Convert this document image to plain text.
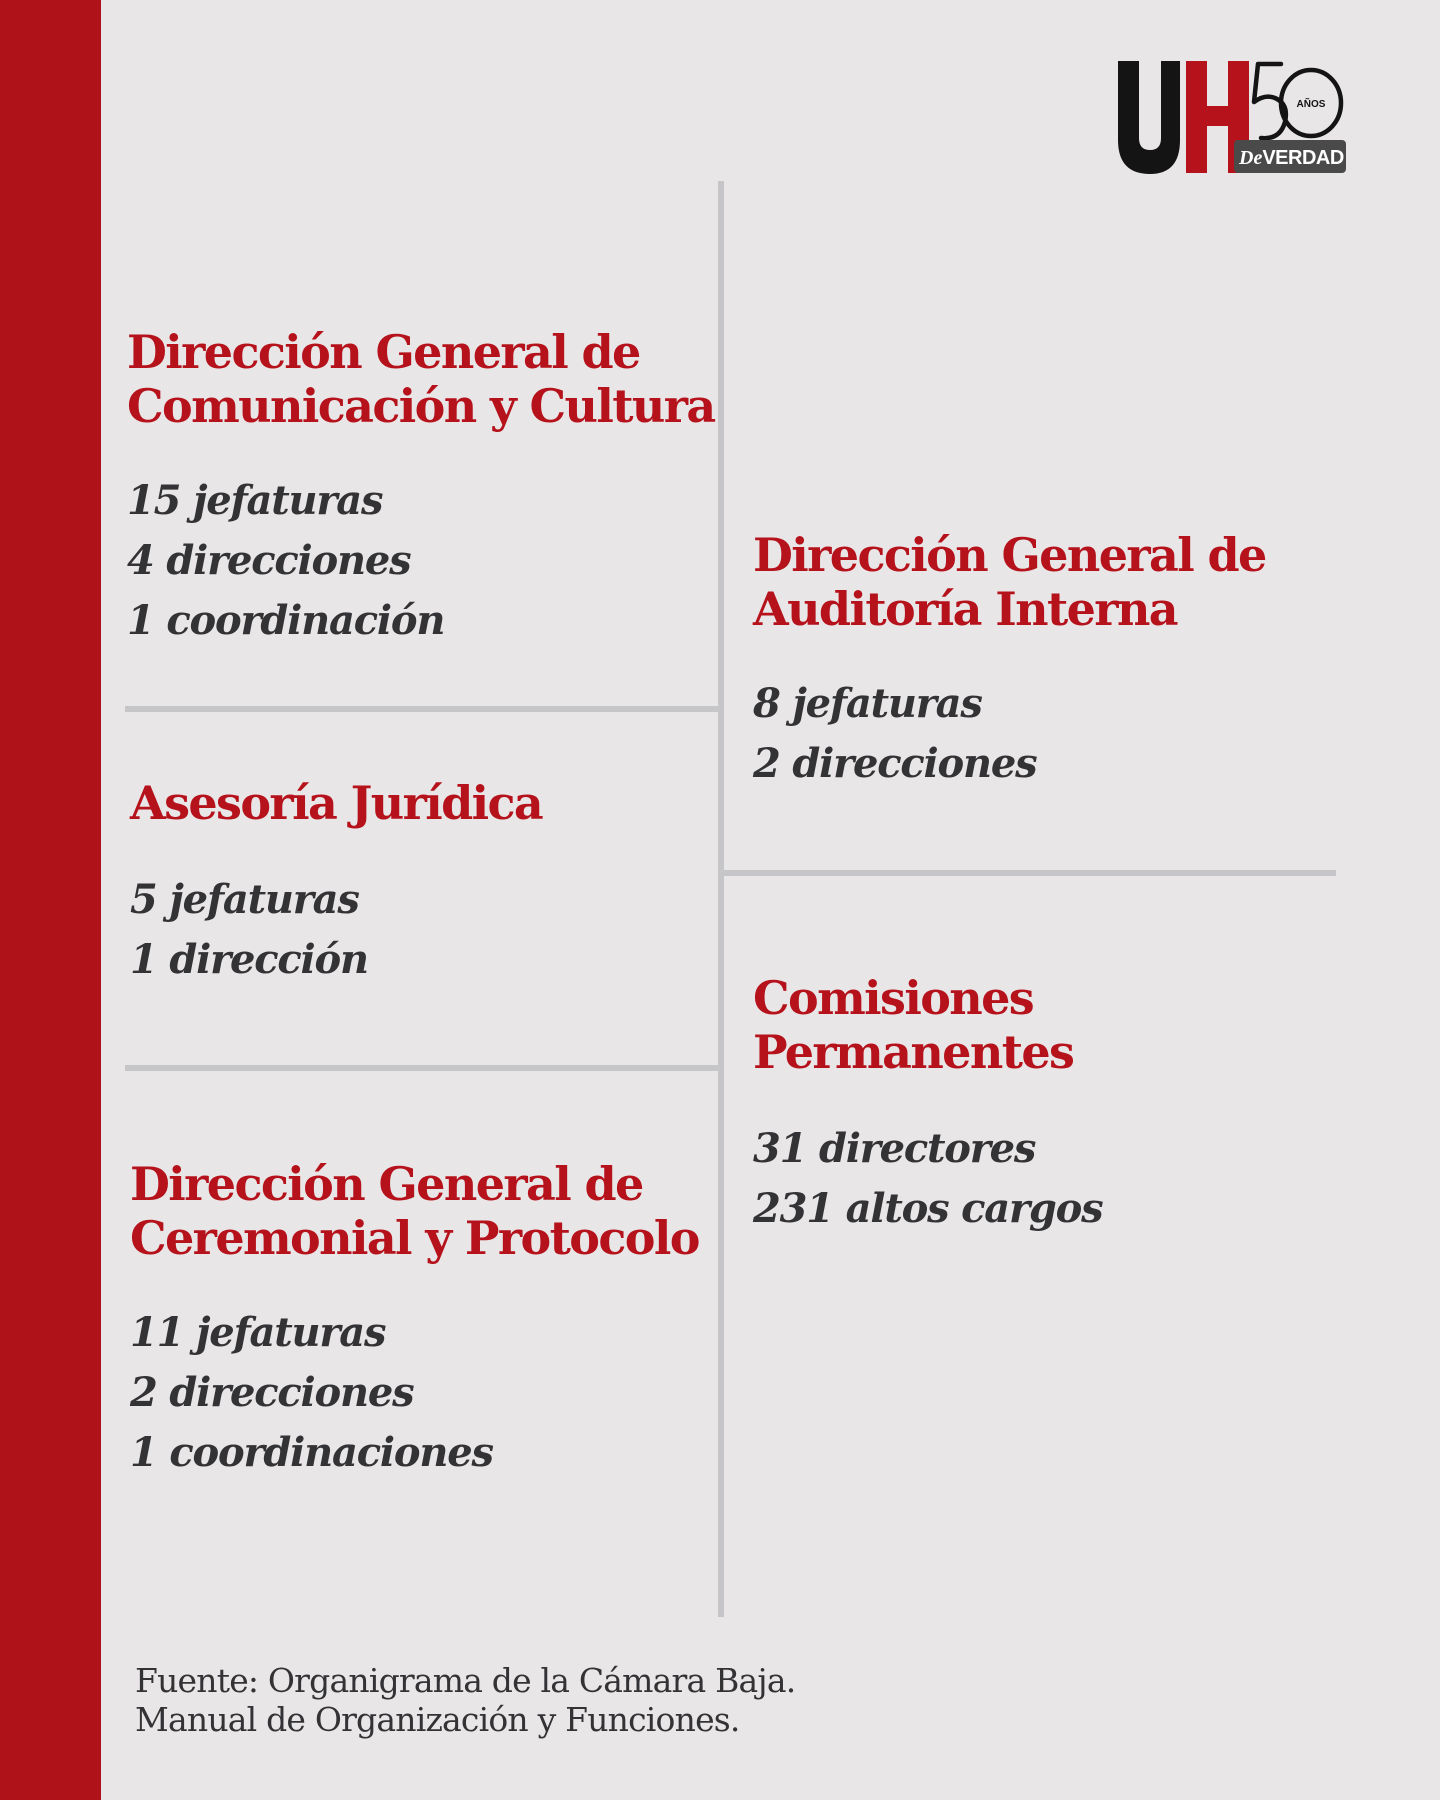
AÑOS
DeVERDAD
Dirección General de
Comunicación y Cultura
15 jefaturas
4 direcciones
1 coordinación
Asesoría Jurídica
5 jefaturas
1 dirección
Dirección General de
Ceremonial y Protocolo
11 jefaturas
2 direcciones
1 coordinaciones
Dirección General de
Auditoría Interna
8 jefaturas
2 direcciones
Comisiones
Permanentes
31 directores
231 altos cargos
Fuente: Organigrama de la Cámara Baja.
Manual de Organización y Funciones.
